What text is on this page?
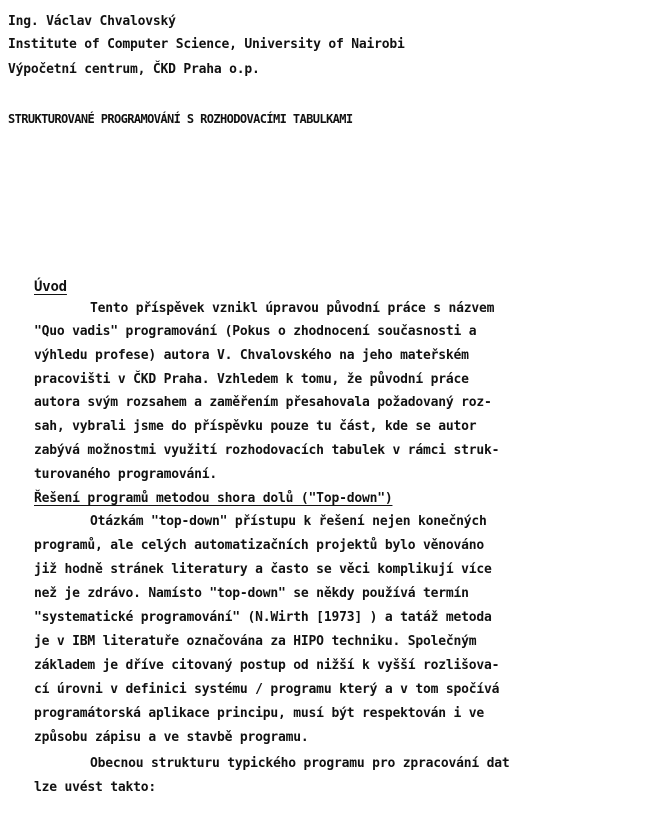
Ing. Václav Chvalovský
Institute of Computer Science, University of Nairobi
Výpočetní centrum, ČKD Praha o.p.
STRUKTUROVANÉ PROGRAMOVÁNÍ S ROZHODOVACÍMI TABULKAMI
Úvod
Tento příspěvek vznikl úpravou původní práce s názvem
"Quo vadis" programování (Pokus o zhodnocení současnosti a
výhledu profese) autora V. Chvalovského na jeho mateřském
pracovišti v ČKD Praha. Vzhledem k tomu, že původní práce
autora svým rozsahem a zaměřením přesahovala požadovaný roz-
sah, vybrali jsme do příspěvku pouze tu část, kde se autor
zabývá možnostmi využití rozhodovacích tabulek v rámci struk-
turovaného programování.
Řešení programů metodou shora dolů ("Top-down")
Otázkám "top-down" přístupu k řešení nejen konečných
programů, ale celých automatizačních projektů bylo věnováno
již hodně stránek literatury a často se věci komplikují více
než je zdrávo. Namísto "top-down" se někdy používá termín
"systematické programování" (N.Wirth [1973] ) a tatáž metoda
je v IBM literatuře označována za HIPO techniku. Společným
základem je dříve citovaný postup od nižší k vyšší rozlišova-
cí úrovni v definici systému / programu který a v tom spočívá
programátorská aplikace principu, musí být respektován i ve
způsobu zápisu a ve stavbě programu.
Obecnou strukturu typického programu pro zpracování dat
lze uvést takto:
